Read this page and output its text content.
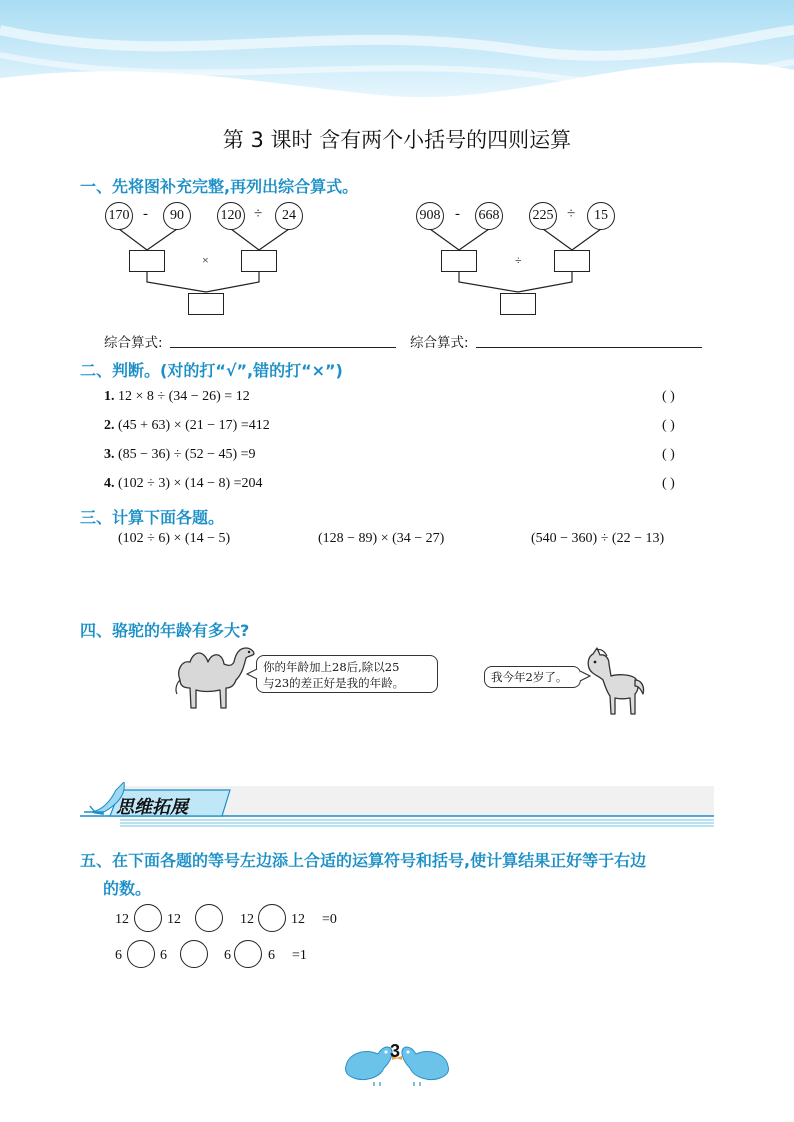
第 3 课时 含有两个小括号的四则运算
一、先将图补充完整,再列出综合算式。
170 -	90	120 ÷	24
×
908 - 668 225 ÷	15
÷
综合算式:	综合算式:
二、判断。(对的打“√”,错的打“×”)
1. 12 × 8 ÷ (34 − 26) = 12	( )
2. (45 + 63) × (21 − 17) =412	( )
3. (85 − 36) ÷ (52 − 45) =9	( )
4. (102 ÷ 3) × (14 − 8) =204	( )
三、计算下面各题。
(102 ÷ 6) × (14 − 5)	(128 − 89) × (34 − 27)	(540 − 360) ÷ (22 − 13)
四、骆驼的年龄有多大?
你的年龄加上28后,除以25
与23的差正好是我的年龄。	我今年2岁了。
思维拓展
五、在下面各题的等号左边添上合适的运算符号和括号,使计算结果正好等于右边
的数。
12	12	12	12 =0
6	6	6	6 =1
3
